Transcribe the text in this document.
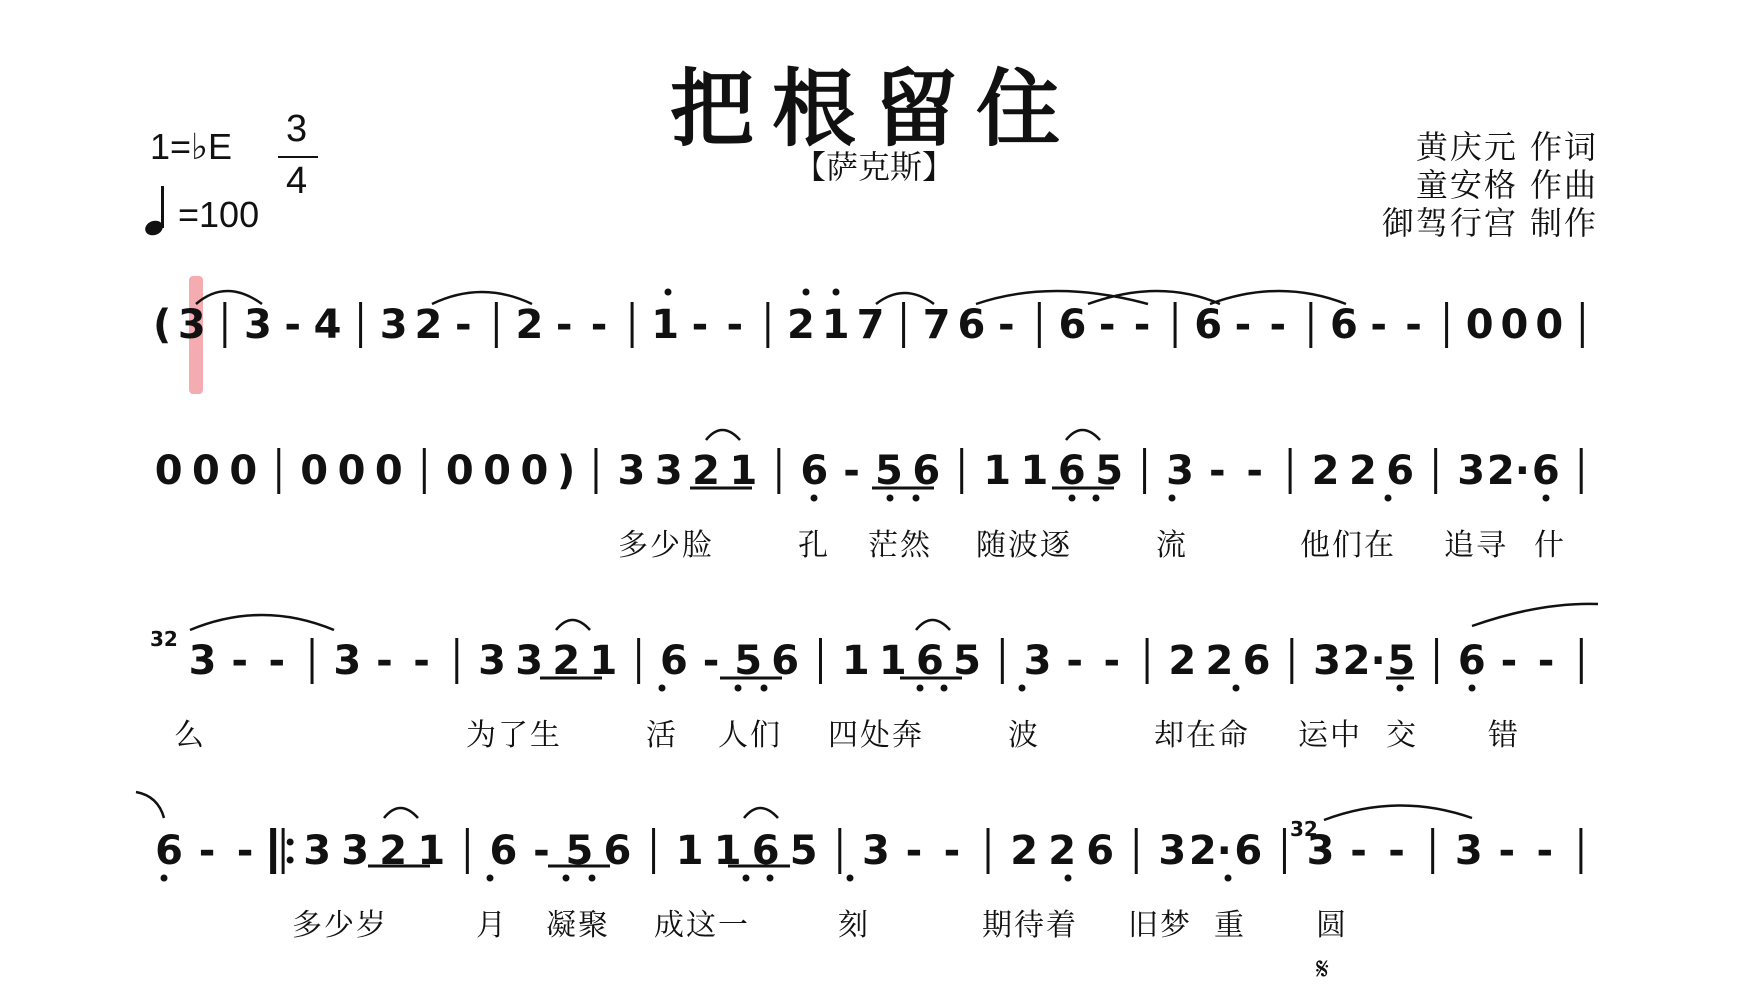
把根留住
【萨克斯】
1=♭E 3
4
=100
黄庆元 作词
童安格 作曲
御驾行宫 制作
( 3 3 - 4 3 2 - 2 - - 1 - - 2 1 7 7 6 - 6 - - 6 - - 6 - - 0 0 0
0 0 0 0 0 0 0 0 0 ) 3 3 2 1 6 - 5 6 1 1 6 5 3 - - 2 2 6 3 2· 6
3 - - 3 - - 3 3 2 1 6 - 5 6 1 1 6 5 3 - - 2 2 6 3 2· 5 6 - -
32
6 - - 3 3 2 1 6 - 5 6 1 1 6 5 3 - - 2 2 6 3 2· 6 3 - - 3 - -
32
多少脸	孔 茫然 随波逐	流	他们在 追寻 什
么	为了生	活 人们 四处奔	波	却在命 运中 交 错
多少岁	月 凝聚 成这一	刻	期待着 旧梦 重 圆
𝄋
